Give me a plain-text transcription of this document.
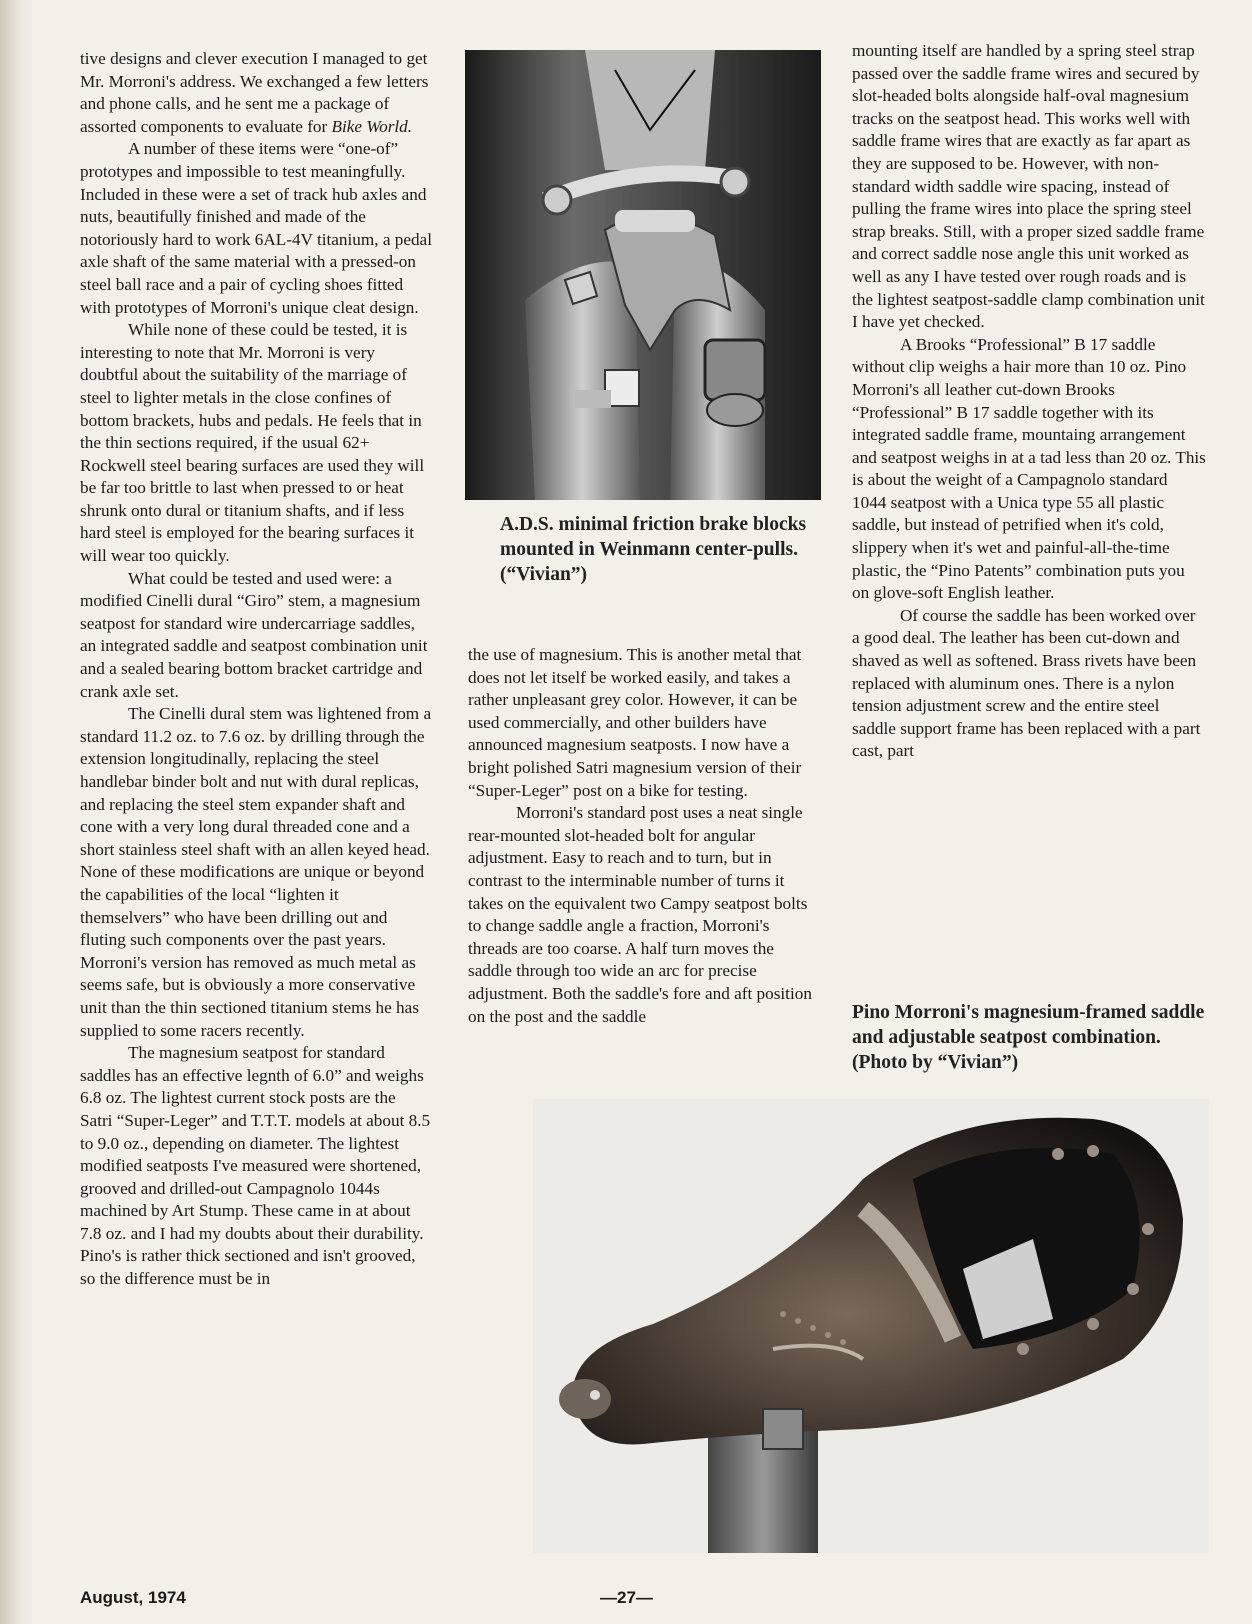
tive designs and clever execution I managed to get Mr. Morroni's address. We exchanged a few letters and phone calls, and he sent me a package of assorted components to evaluate for Bike World.

A number of these items were “one-of” prototypes and impossible to test meaningfully. Included in these were a set of track hub axles and nuts, beautifully finished and made of the notoriously hard to work 6AL-4V titanium, a pedal axle shaft of the same material with a pressed-on steel ball race and a pair of cycling shoes fitted with prototypes of Morroni's unique cleat design.

While none of these could be tested, it is interesting to note that Mr. Morroni is very doubtful about the suitability of the marriage of steel to lighter metals in the close confines of bottom brackets, hubs and pedals. He feels that in the thin sections required, if the usual 62+ Rockwell steel bearing surfaces are used they will be far too brittle to last when pressed to or heat shrunk onto dural or titanium shafts, and if less hard steel is employed for the bearing surfaces it will wear too quickly.

What could be tested and used were: a modified Cinelli dural “Giro” stem, a magnesium seatpost for standard wire undercarriage saddles, an integrated saddle and seatpost combination unit and a sealed bearing bottom bracket cartridge and crank axle set.

The Cinelli dural stem was lightened from a standard 11.2 oz. to 7.6 oz. by drilling through the extension longitudinally, replacing the steel handlebar binder bolt and nut with dural replicas, and replacing the steel stem expander shaft and cone with a very long dural threaded cone and a short stainless steel shaft with an allen keyed head. None of these modifications are unique or beyond the capabilities of the local “lighten it themselvers” who have been drilling out and fluting such components over the past years. Morroni's version has removed as much metal as seems safe, but is obviously a more conservative unit than the thin sectioned titanium stems he has supplied to some racers recently.

The magnesium seatpost for standard saddles has an effective legnth of 6.0” and weighs 6.8 oz. The lightest current stock posts are the Satri “Super-Leger” and T.T.T. models at about 8.5 to 9.0 oz., depending on diameter. The lightest modified seatposts I've measured were shortened, grooved and drilled-out Campagnolo 1044s machined by Art Stump. These came in at about 7.8 oz. and I had my doubts about their durability. Pino's is rather thick sectioned and isn't grooved, so the difference must be in

A.D.S. minimal friction brake blocks mounted in Weinmann center-pulls. (“Vivian”)

the use of magnesium. This is another metal that does not let itself be worked easily, and takes a rather unpleasant grey color. However, it can be used commercially, and other builders have announced magnesium seatposts. I now have a bright polished Satri magnesium version of their “Super-Leger” post on a bike for testing.

Morroni's standard post uses a neat single rear-mounted slot-headed bolt for angular adjustment. Easy to reach and to turn, but in contrast to the interminable number of turns it takes on the equivalent two Campy seatpost bolts to change saddle angle a fraction, Morroni's threads are too coarse. A half turn moves the saddle through too wide an arc for precise adjustment. Both the saddle's fore and aft position on the post and the saddle

mounting itself are handled by a spring steel strap passed over the saddle frame wires and secured by slot-headed bolts alongside half-oval magnesium tracks on the seatpost head. This works well with saddle frame wires that are exactly as far apart as they are supposed to be. However, with non-standard width saddle wire spacing, instead of pulling the frame wires into place the spring steel strap breaks. Still, with a proper sized saddle frame and correct saddle nose angle this unit worked as well as any I have tested over rough roads and is the lightest seatpost-saddle clamp combination unit I have yet checked.

A Brooks “Professional” B 17 saddle without clip weighs a hair more than 10 oz. Pino Morroni's all leather cut-down Brooks “Professional” B 17 saddle together with its integrated saddle frame, mountaing arrangement and seatpost weighs in at a tad less than 20 oz. This is about the weight of a Campagnolo standard 1044 seatpost with a Unica type 55 all plastic saddle, but instead of petrified when it's cold, slippery when it's wet and painful-all-the-time plastic, the “Pino Patents” combination puts you on glove-soft English leather.

Of course the saddle has been worked over a good deal. The leather has been cut-down and shaved as well as softened. Brass rivets have been replaced with aluminum ones. There is a nylon tension adjustment screw and the entire steel saddle support frame has been replaced with a part cast, part

Pino Morroni's magnesium-framed saddle and adjustable seatpost combination. (Photo by “Vivian”)
August, 1974	—27—
